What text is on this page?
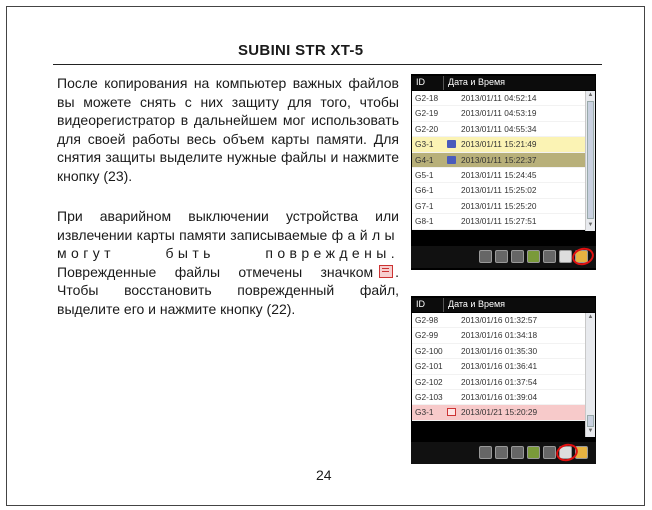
SUBINI STR XT-5
После копирования на компьютер важных файлов вы можете снять с них защиту для того, чтобы видеорегистратор в дальнейшем мог использовать для своей работы весь объем карты памяти. Для снятия защиты выделите нужные файлы и нажмите кнопку (23).
При аварийном выключении устройства или извлечении карты памяти записываемые файлы могут быть повреждены. Поврежденные файлы отмечены значком . Чтобы восстановить поврежденный файл, выделите его и нажмите кнопку (22).
ID	Дата и Время
G2-18	2013/01/11 04:52:14
G2-19	2013/01/11 04:53:19
G2-20	2013/01/11 04:55:34
G3-1	2013/01/11 15:21:49
G4-1	2013/01/11 15:22:37
G5-1	2013/01/11 15:24:45
G6-1	2013/01/11 15:25:02
G7-1	2013/01/11 15:25:20
G8-1	2013/01/11 15:27:51
▲
▼
ID	Дата и Время
G2-98	2013/01/16 01:32:57
G2-99	2013/01/16 01:34:18
G2-100 2013/01/16 01:35:30
G2-101 2013/01/16 01:36:41
G2-102 2013/01/16 01:37:54
G2-103 2013/01/16 01:39:04
G3-1	2013/01/21 15:20:29
▲
▼
24
